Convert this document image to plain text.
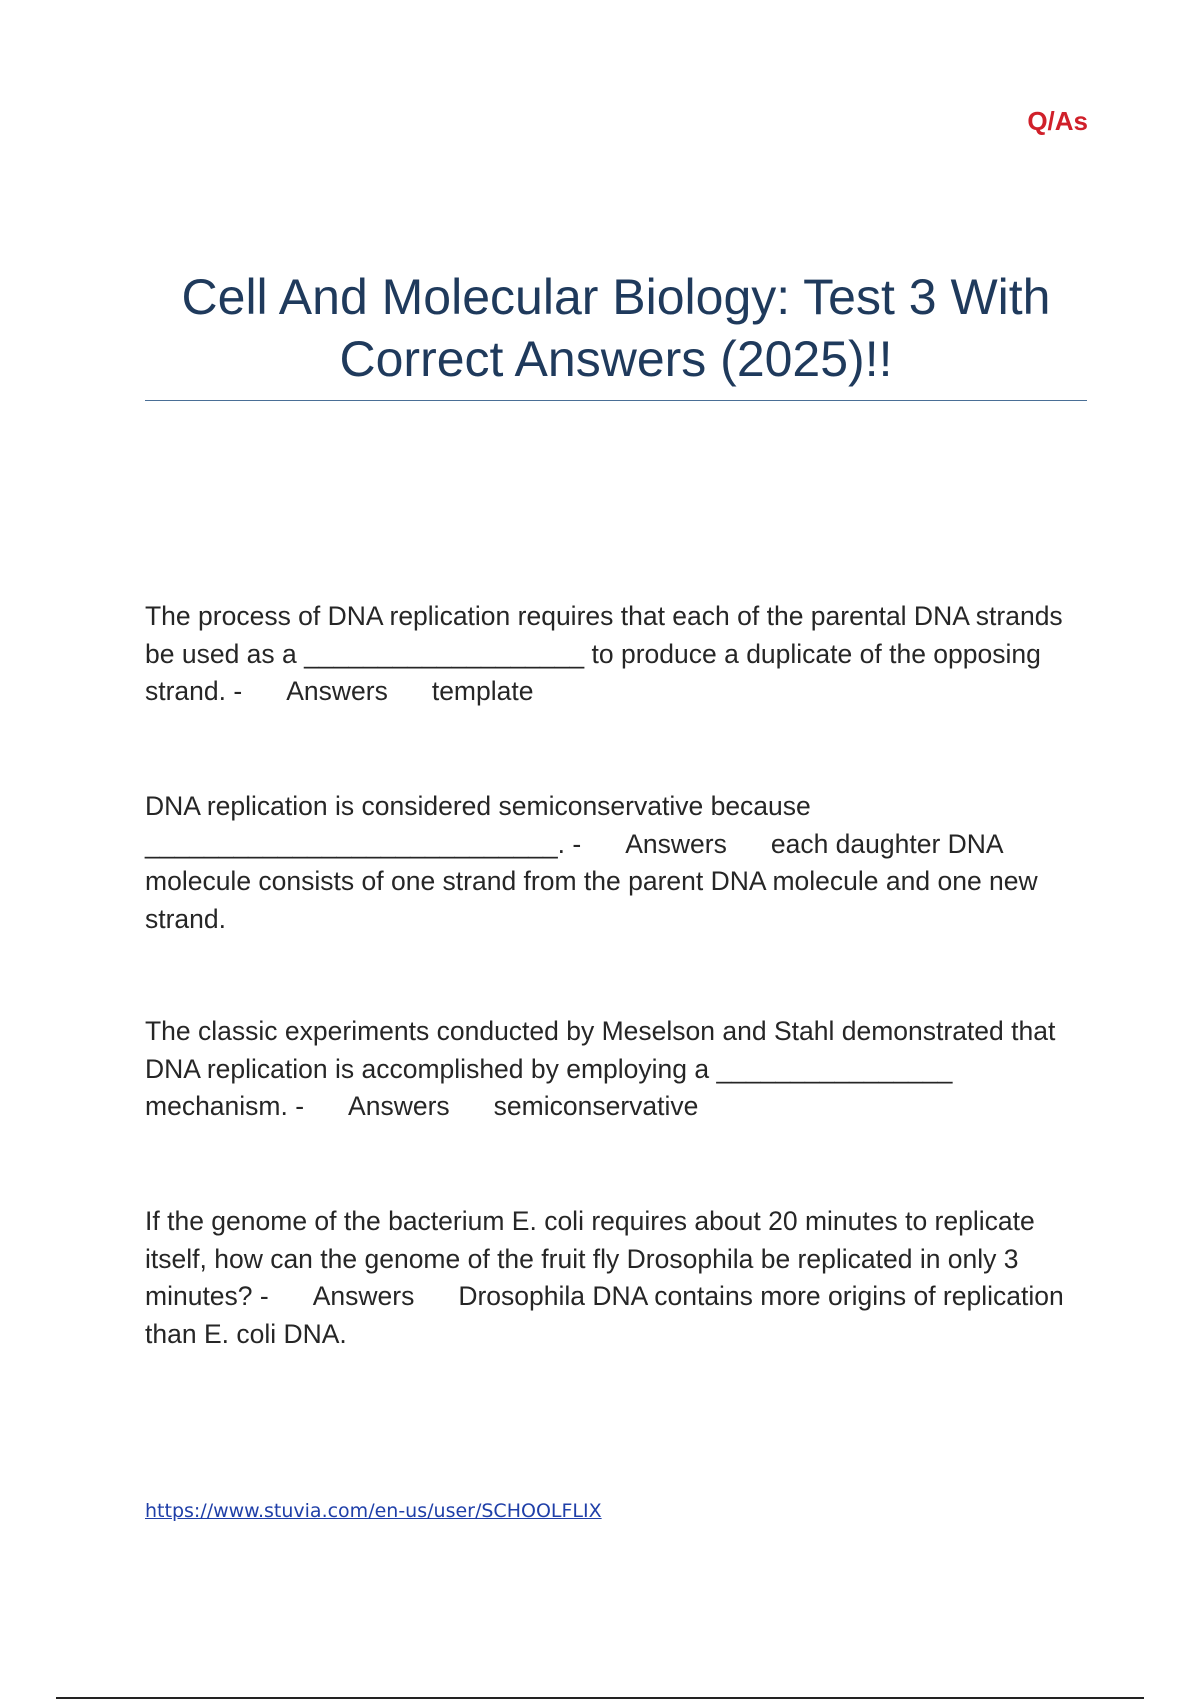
Q/As
Cell And Molecular Biology: Test 3 With Correct Answers (2025)!!

The process of DNA replication requires that each of the parental DNA strands be used as a ___________________ to produce a duplicate of the opposing strand. - Answers template

DNA replication is considered semiconservative because ____________________________. - Answers each daughter DNA molecule consists of one strand from the parent DNA molecule and one new strand.

The classic experiments conducted by Meselson and Stahl demonstrated that DNA replication is accomplished by employing a ________________ mechanism. - Answers semiconservative

If the genome of the bacterium E. coli requires about 20 minutes to replicate itself, how can the genome of the fruit fly Drosophila be replicated in only 3 minutes? - Answers Drosophila DNA contains more origins of replication than E. coli DNA.

https://www.stuvia.com/en-us/user/SCHOOLFLIX
